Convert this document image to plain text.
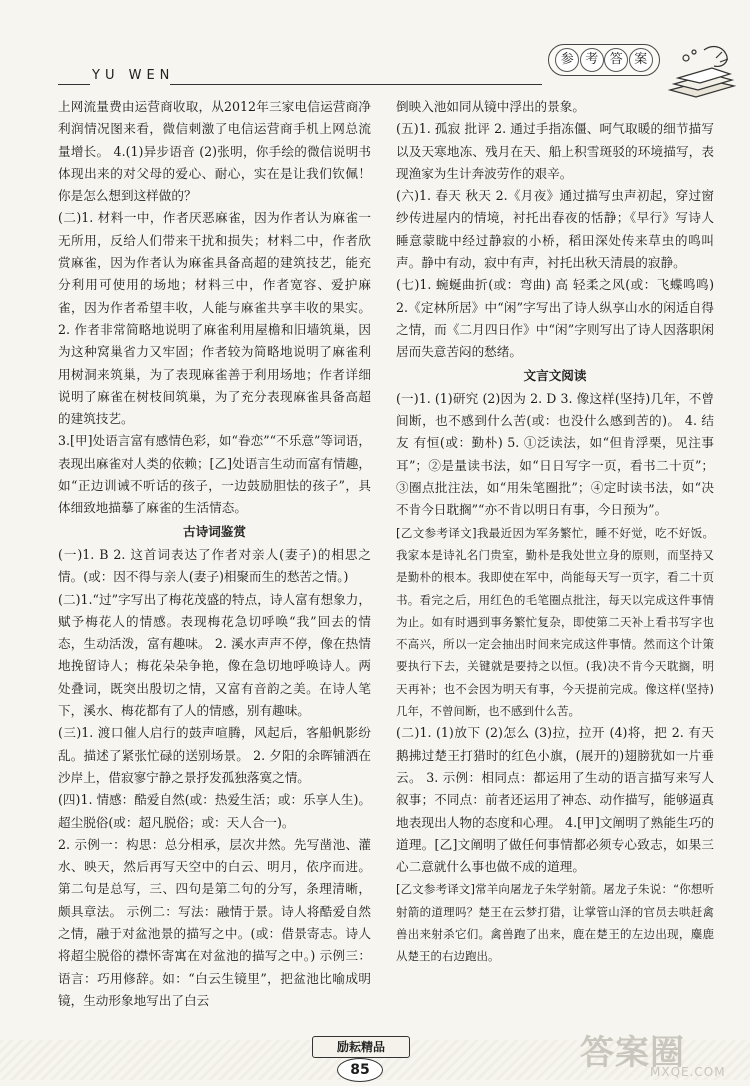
YU WEN
参 考 答 案

上网流量费由运营商收取，从2012年三家电信运营商净利润情况图来看，微信刺激了电信运营商手机上网总流量增长。 4.(1)异步语音 (2)张明，你手绘的微信说明书体现出来的对父母的爱心、耐心，实在是让我们钦佩！你是怎么想到这样做的？

(二)1. 材料一中，作者厌恶麻雀，因为作者认为麻雀一无所用，反给人们带来干扰和损失；材料二中，作者欣赏麻雀，因为作者认为麻雀具备高超的建筑技艺，能充分利用可使用的场地；材料三中，作者宽容、爱护麻雀，因为作者希望丰收，人能与麻雀共享丰收的果实。 2. 作者非常简略地说明了麻雀利用屋檐和旧墙筑巢，因为这种窝巢省力又牢固；作者较为简略地说明了麻雀利用树洞来筑巢，为了表现麻雀善于利用场地；作者详细说明了麻雀在树枝间筑巢，为了充分表现麻雀具备高超的建筑技艺。

3.[甲]处语言富有感情色彩，如“眷恋”“不乐意”等词语，表现出麻雀对人类的依赖；[乙]处语言生动而富有情趣，如“正边训诫不听话的孩子，一边鼓励胆怯的孩子”，具体细致地描摹了麻雀的生活情态。

古诗词鉴赏

(一)1. B 2. 这首词表达了作者对亲人(妻子)的相思之情。(或：因不得与亲人(妻子)相聚而生的愁苦之情。)

(二)1.“过”字写出了梅花茂盛的特点，诗人富有想象力，赋予梅花人的情感。表现梅花急切呼唤“我”回去的情态，生动活泼，富有趣味。 2. 溪水声声不停，像在热情地挽留诗人；梅花朵朵争艳，像在急切地呼唤诗人。两处叠词，既突出殷切之情，又富有音韵之美。在诗人笔下，溪水、梅花都有了人的情感，别有趣味。

(三)1. 渡口催人启行的鼓声喧腾，风起后，客船帆影纷乱。描述了紧张忙碌的送别场景。 2. 夕阳的余晖铺洒在沙岸上，借寂寥宁静之景抒发孤独落寞之情。

(四)1. 情感：酷爱自然(或：热爱生活；或：乐享人生)。超尘脱俗(或：超凡脱俗；或：天人合一)。

2. 示例一：构思：总分相承，层次井然。先写凿池、灌水、映天，然后再写天空中的白云、明月，依序而进。第二句是总写，三、四句是第二句的分写，条理清晰，颇具章法。 示例二：写法：融情于景。诗人将酷爱自然之情，融于对盆池景的描写之中。(或：借景寄志。诗人将超尘脱俗的襟怀寄寓在对盆池的描写之中。) 示例三：语言：巧用修辞。如：“白云生镜里”，把盆池比喻成明镜，生动形象地写出了白云

倒映入池如同从镜中浮出的景象。

(五)1. 孤寂 批评 2. 通过手指冻僵、呵气取暖的细节描写以及天寒地冻、残月在天、船上积雪斑驳的环境描写，表现渔家为生计奔波劳作的艰辛。

(六)1. 春天 秋天 2.《月夜》通过描写虫声初起，穿过窗纱传进屋内的情境，衬托出春夜的恬静；《早行》写诗人睡意蒙眬中经过静寂的小桥，稻田深处传来草虫的鸣叫声。静中有动，寂中有声，衬托出秋天清晨的寂静。

(七)1. 蜿蜒曲折(或：弯曲) 高 轻柔之风(或：飞蝶鸣鸣) 2.《定林所居》中“闲”字写出了诗人纵享山水的闲适自得之情，而《二月四日作》中“闲”字则写出了诗人因落职闲居而失意苦闷的愁绪。

文言文阅读

(一)1. (1)研究 (2)因为 2. D 3. 像这样(坚持)几年，不曾间断，也不感到什么苦(或：也没什么感到苦的)。 4. 结友 有恒(或：勤朴) 5. ①泛读法，如“但肯浮栗，见注事耳”；②是量读书法，如“日日写字一页，看书二十页”；③圈点批注法，如“用朱笔圈批”；④定时读书法，如“决不肯今日耽搁”“亦不肯以明日有事，今日预为”。

[乙文参考译文]我最近因为军务繁忙，睡不好觉，吃不好饭。我家本是诗礼名门贵室，勤朴是我处世立身的原则，而坚持又是勤朴的根本。我即使在军中，尚能每天写一页字，看二十页书。看完之后，用红色的毛笔圈点批注，每天以完成这件事情为止。如有时遇到事务繁忙复杂，即使第二天补上看书写字也不高兴，所以一定会抽出时间来完成这件事情。然而这个计策要执行下去，关键就是要持之以恒。(我)决不肯今天耽搁，明天再补；也不会因为明天有事，今天提前完成。像这样(坚持)几年，不曾间断，也不感到什么苦。

(二)1. (1)放下 (2)怎么 (3)拉，拉开 (4)将，把 2. 有天鹅拂过楚王打猎时的红色小旗，(展开的)翅膀犹如一片垂云。 3. 示例：相同点：都运用了生动的语言描写来写人叙事；不同点：前者还运用了神态、动作描写，能够逼真地表现出人物的态度和心理。 4.[甲]文阐明了熟能生巧的道理。[乙]文阐明了做任何事情都必须专心致志，如果三心二意就什么事也做不成的道理。

[乙文参考译文]常羊向屠龙子朱学射箭。屠龙子朱说：“你想听射箭的道理吗？楚王在云梦打猎，让掌管山泽的官员去哄赶禽兽出来射杀它们。禽兽跑了出来，鹿在楚王的左边出现，麋鹿从楚王的右边跑出。

励耘精品
85	答案圈
MXQE.COM
